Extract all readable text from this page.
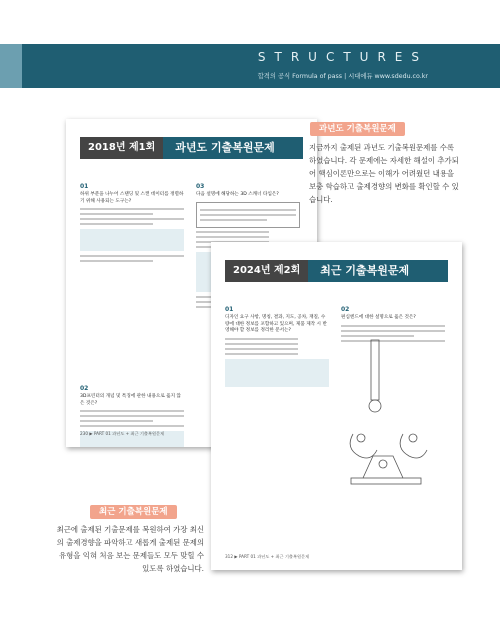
STRUCTURES
합격의 공식 Formula of pass | 시대에듀 www.sdedu.co.kr
2018년 제1회	과년도 기출복원문제
01
하위 부분을 나누어 스탠딩 및 스캔 데이터를 정렬하기 위해 사용되는 도구는?
02
3D프린터의 개념 및 특징에 관한 내용으로 옳지 않은 것은?
03
다음 설명에 해당하는 3D 스캐너 타입은?
230 ▶ PART 01 과년도 + 최근 기출복원문제
2024년 제2회	최근 기출복원문제
01
디자인 요구 사항, 명칭, 결과, 지도, 공차, 재질, 수량에 대한 정보를 포함하고 있으며, 제품 제작 시 반영해야 할 정보를 정리한 문서는?
02
편심엔드에 대한 설명으로 옳은 것은?
312 ▶ PART 01 과년도 + 최근 기출복원문제
과년도 기출복원문제
지금까지 출제된 과년도 기출복원문제를 수록하였습니다. 각 문제에는 자세한 해설이 추가되어 핵심이론만으로는 이해가 어려웠던 내용을 보충 학습하고 출제경향의 변화를 확인할 수 있습니다.
최근 기출복원문제
최근에 출제된 기출문제를 복원하여 가장 최신의 출제경향을 파악하고 새롭게 출제된 문제의 유형을 익혀 처음 보는 문제들도 모두 맞힐 수 있도록 하였습니다.
